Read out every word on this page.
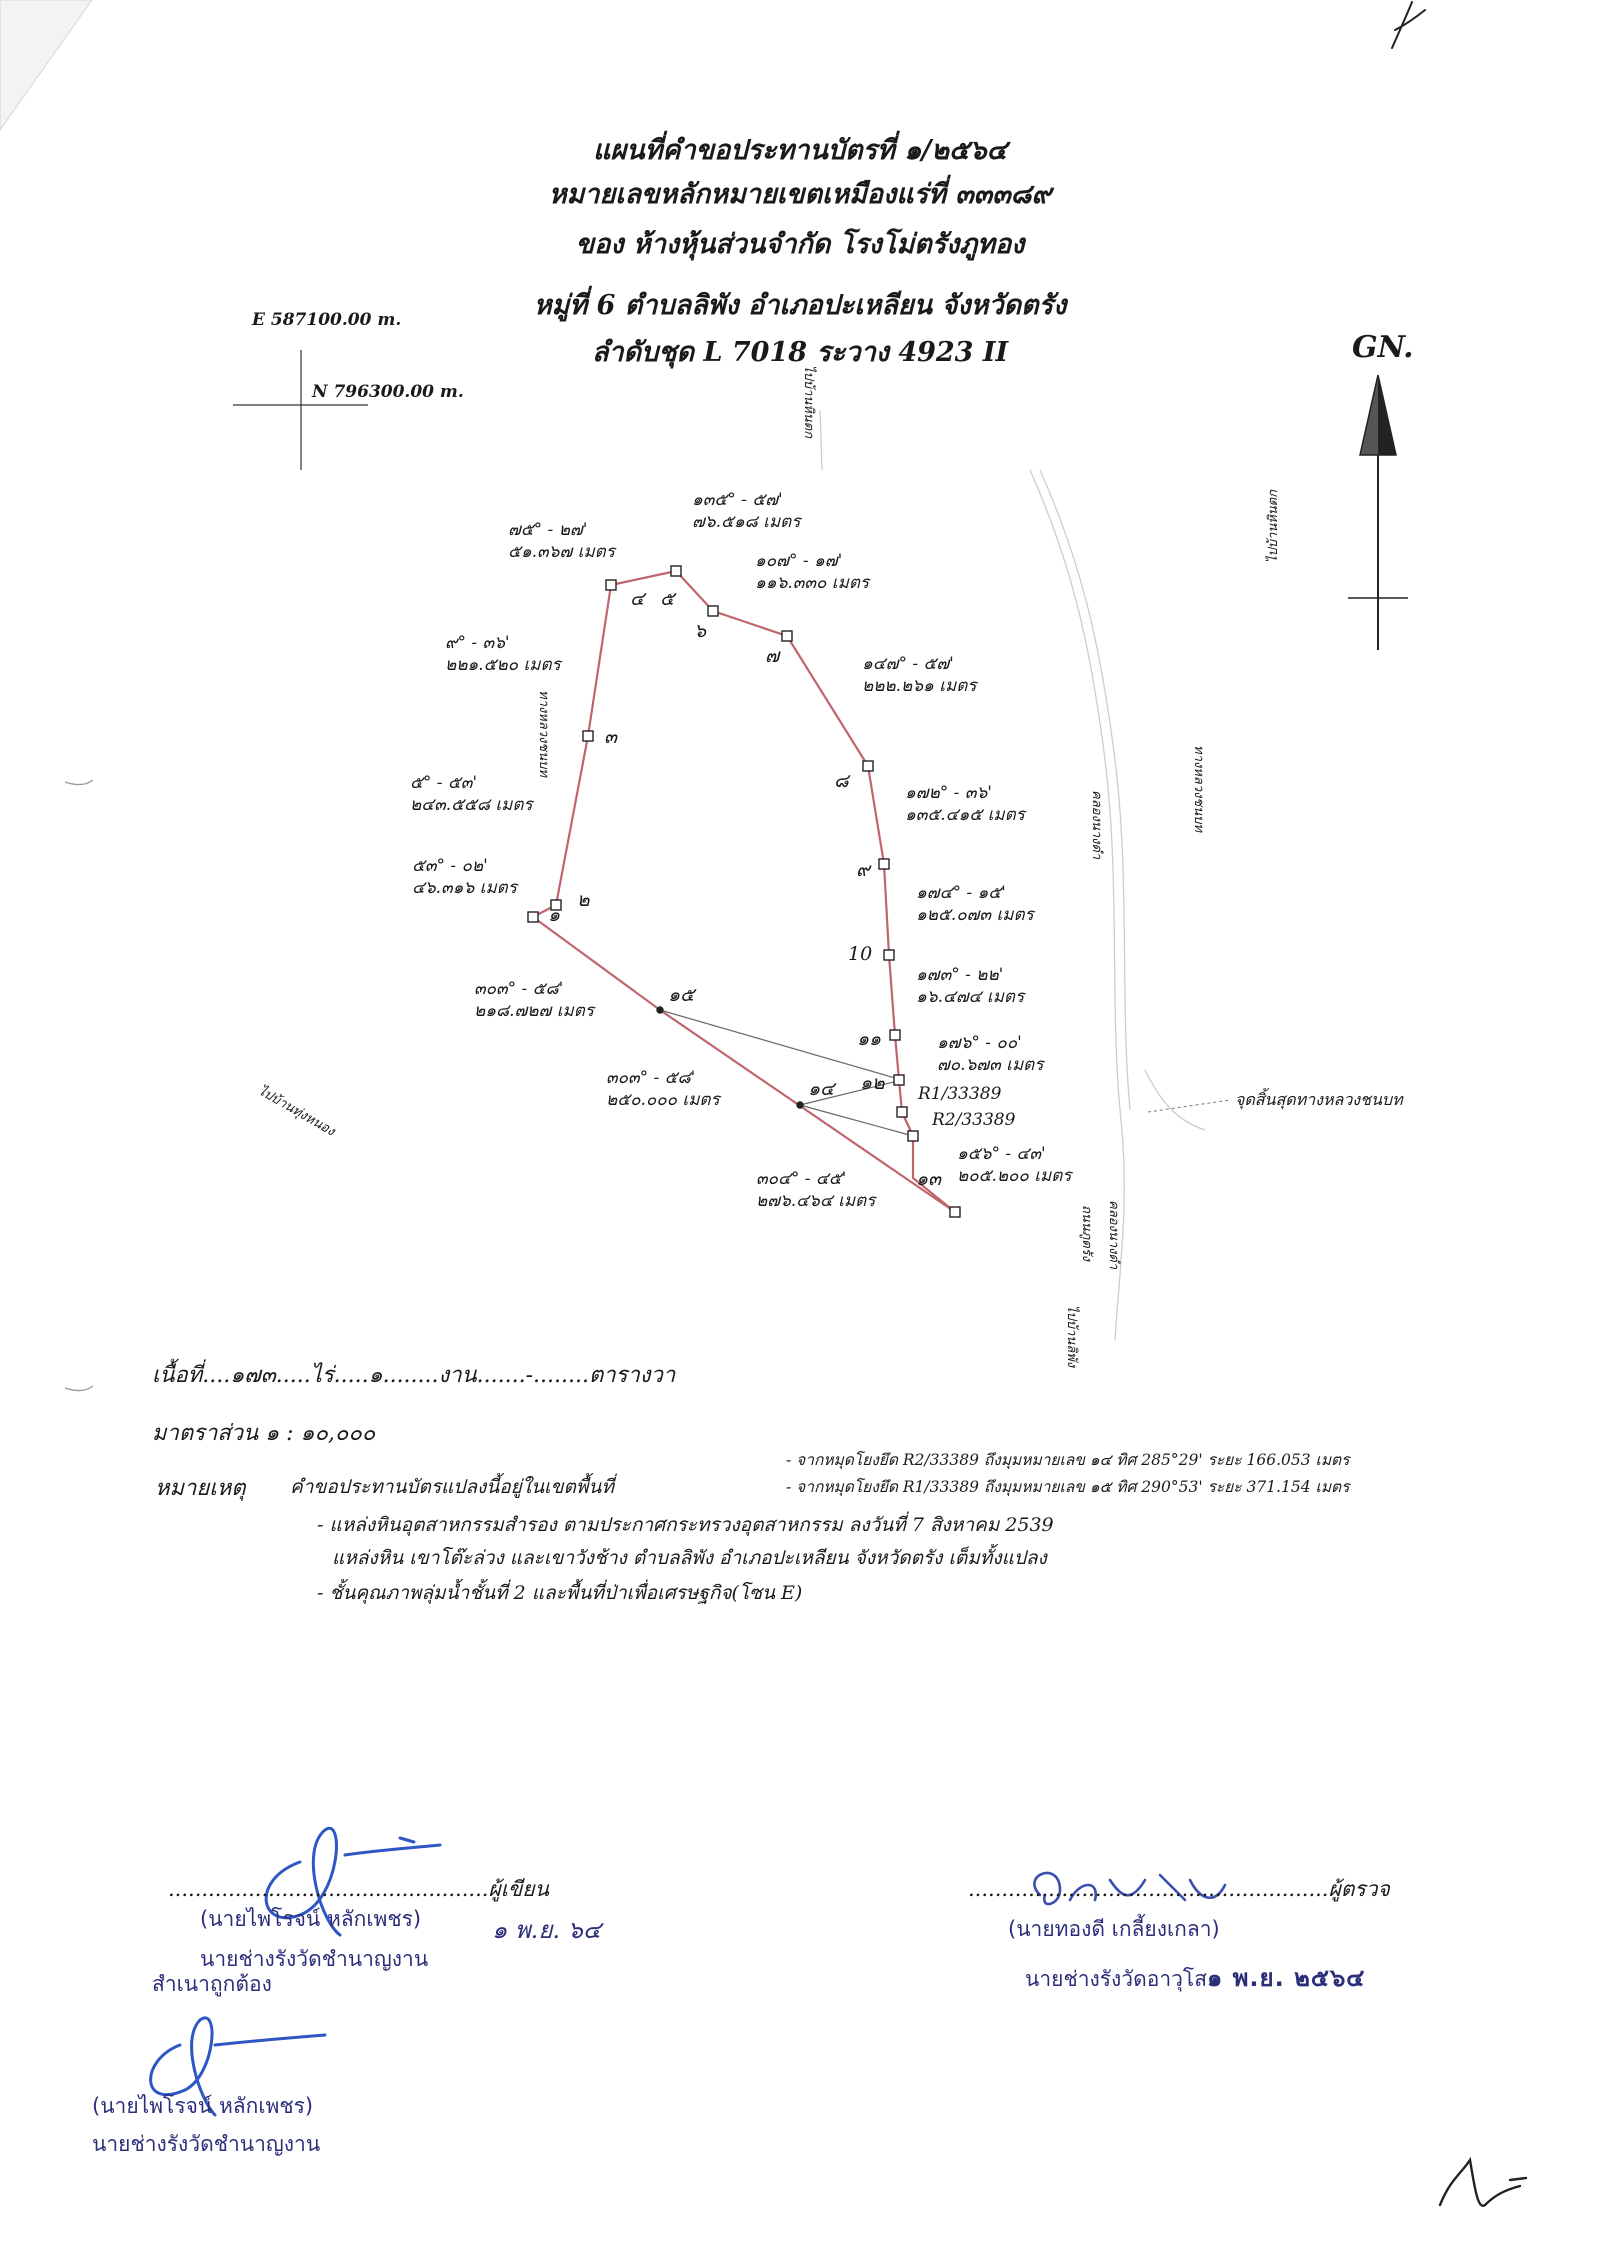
แผนที่คำขอประทานบัตรที่ ๑/๒๕๖๔
หมายเลขหลักหมายเขตเหมืองแร่ที่ ๓๓๓๘๙
ของ ห้างหุ้นส่วนจำกัด โรงโม่ตรังภูทอง
หมู่ที่ 6 ตำบลลิพัง อำเภอปะเหลียน จังหวัดตรัง
ลำดับชุด L 7018 ระวาง 4923 II
E 587100.00 m.
N 796300.00 m.
GN.
ไปบ้านหินตก
ไปบ้านทุ่งหนอง
ทางหลวงชนบท
ทางหลวงชนบท
คลองนางดำ
คลองนางดำ
ถนนภูตรัง
ไปบ้านลิพัง
ไปบ้านหินตก
จุดสิ้นสุดทางหลวงชนบท
๑
๒
๓
๔ ๕
๖
๗
๘
๙
10
๑๑
๑๒
๑๓
๑๔
๑๕
R1/33389
R2/33389
๗๕° - ๒๗'
๕๑.๓๖๗ เมตร
๑๓๕° - ๕๗'
๗๖.๕๑๘ เมตร
๑๐๗° - ๑๗'
๑๑๖.๓๓๐ เมตร
๙° - ๓๖'
๒๒๑.๕๒๐ เมตร	๑๔๗° - ๕๗'
๒๒๒.๒๖๑ เมตร
๕° - ๕๓'
๒๔๓.๕๕๘ เมตร
๑๗๒° - ๓๖'
๑๓๕.๔๑๕ เมตร
๕๓° - ๐๒'
๔๖.๓๑๖ เมตร	๑๗๔° - ๑๕'
๑๒๕.๐๗๓ เมตร
๑๗๓° - ๒๒'
๑๖.๔๗๔ เมตร
๓๐๓° - ๕๘'
๒๑๘.๗๒๗ เมตร
๑๗๖° - ๐๐'
๗๐.๖๗๓ เมตร
๓๐๓° - ๕๘'
๒๕๐.๐๐๐ เมตร
๑๕๖° - ๔๓'
๒๐๕.๒๐๐ เมตร
๓๐๔° - ๔๕'
๒๗๖.๔๖๔ เมตร
เนื้อที่....๑๗๓.....ไร่.....๑........งาน.......-........ตารางวา
มาตราส่วน ๑ : ๑๐,๐๐๐
- จากหมุดโยงยึด R2/33389 ถึงมุมหมายเลข ๑๔ ทิศ 285°29' ระยะ 166.053 เมตร
- จากหมุดโยงยึด R1/33389 ถึงมุมหมายเลข ๑๕ ทิศ 290°53' ระยะ 371.154 เมตร
หมายเหตุ คำขอประทานบัตรแปลงนี้อยู่ในเขตพื้นที่
- แหล่งหินอุตสาหกรรมสำรอง ตามประกาศกระทรวงอุตสาหกรรม ลงวันที่ 7 สิงหาคม 2539
แหล่งหิน เขาโต๊ะล่วง และเขาวังช้าง ตำบลลิพัง อำเภอปะเหลียน จังหวัดตรัง เต็มทั้งแปลง
- ชั้นคุณภาพลุ่มน้ำชั้นที่ 2 และพื้นที่ป่าเพื่อเศรษฐกิจ(โซน E)
................................................ผู้เขียน
(นายไพโรจน์ หลักเพชร)	๑ พ.ย. ๖๔
นายช่างรังวัดชำนาญงาน
สำเนาถูกต้อง
......................................................ผู้ตรวจ
(นายทองดี เกลี้ยงเกลา)
นายช่างรังวัดอาวุโส๑ พ.ย. ๒๕๖๔
(นายไพโรจน์ หลักเพชร)
นายช่างรังวัดชำนาญงาน
